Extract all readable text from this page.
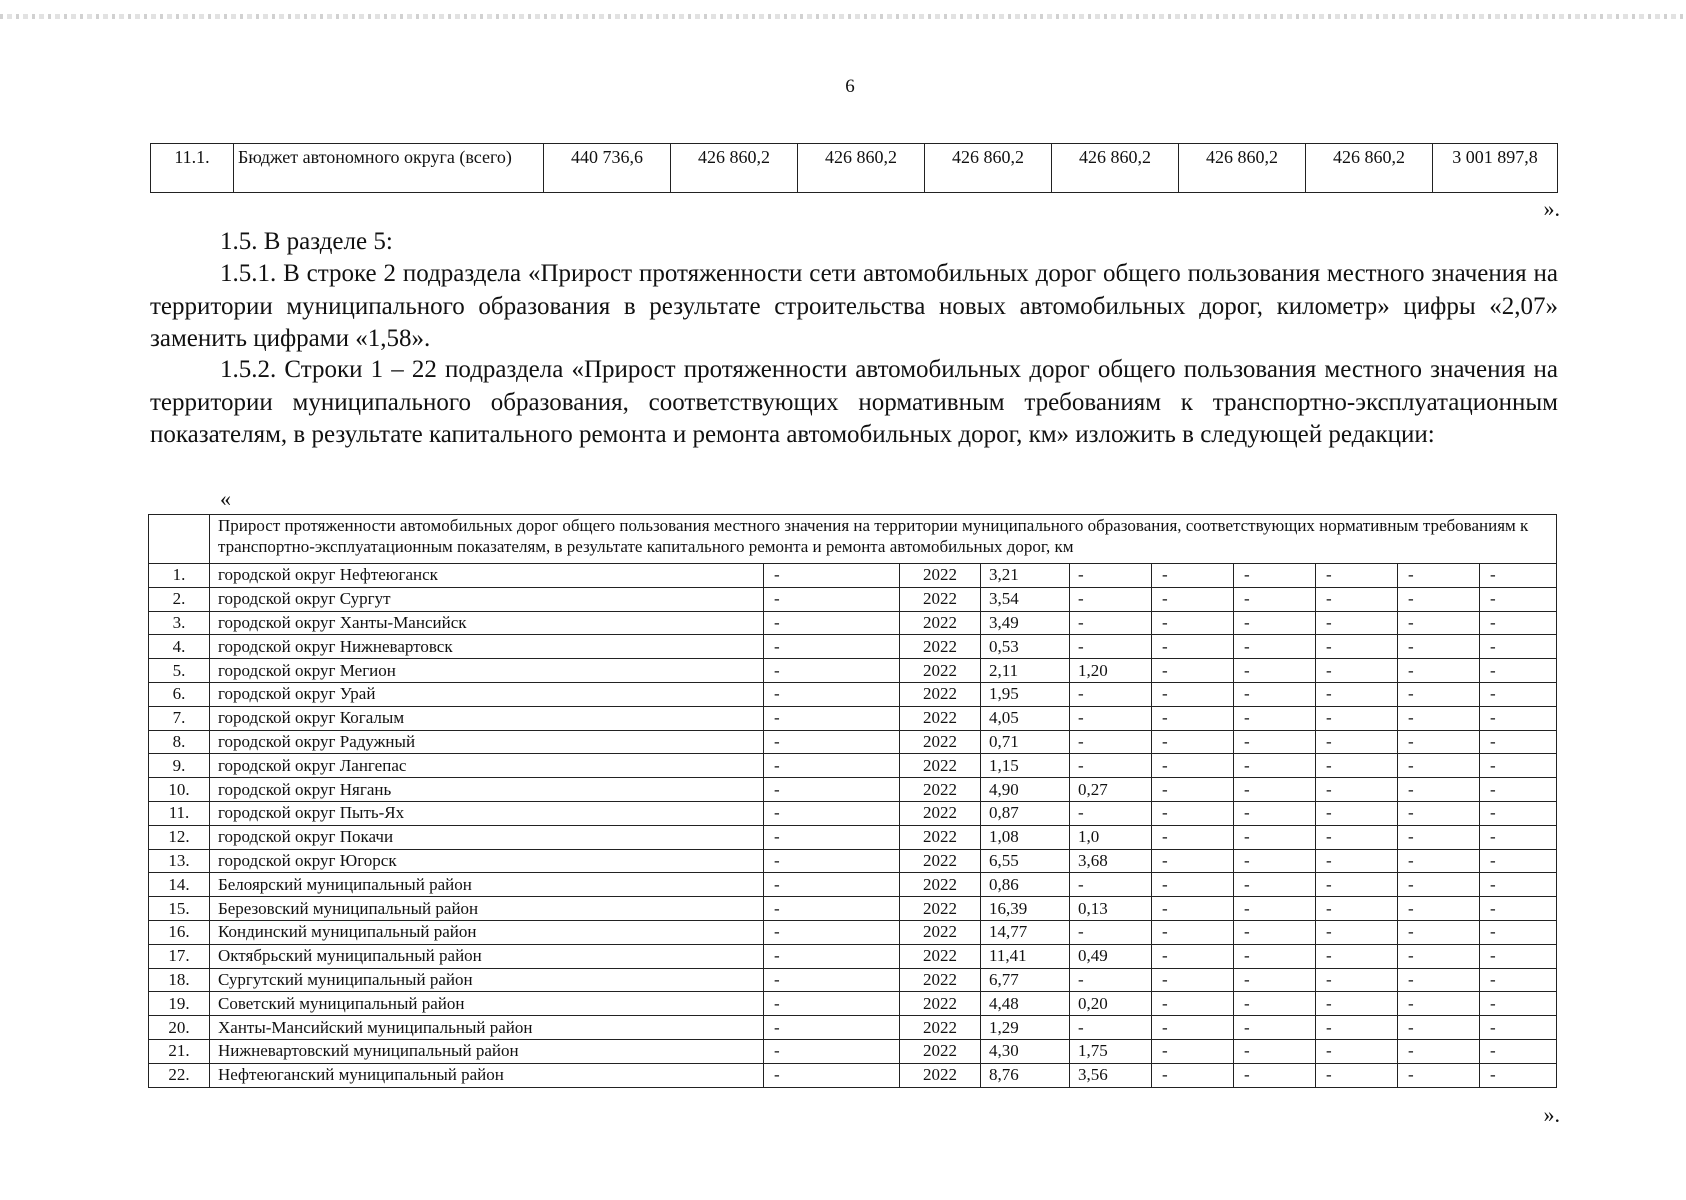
6
11.1.	Бюджет автономного округа (всего)	440 736,6	426 860,2	426 860,2	426 860,2	426 860,2	426 860,2	426 860,2	3 001 897,8
».
1.5. В разделе 5:
1.5.1. В строке 2 подраздела «Прирост протяженности сети автомобильных дорог общего пользования местного значения на территории муниципального образования в результате строительства новых автомобильных дорог, километр» цифры «2,07» заменить цифрами «1,58».
1.5.2. Строки 1 – 22 подраздела «Прирост протяженности автомобильных дорог общего пользования местного значения на территории муниципального образования, соответствующих нормативным требованиям к транспортно-эксплуатационным показателям, в результате капитального ремонта и ремонта автомобильных дорог, км» изложить в следующей редакции:
«
	Прирост протяженности автомобильных дорог общего пользования местного значения на территории муниципального образования, соответствующих нормативным требованиям к транспортно-эксплуатационным показателям, в результате капитального ремонта и ремонта автомобильных дорог, км									
1.	городской округ Нефтеюганск	-	2022	3,21	-	-	-	-	-	-
2.	городской округ Сургут	-	2022	3,54	-	-	-	-	-	-
3.	городской округ Ханты-Мансийск	-	2022	3,49	-	-	-	-	-	-
4.	городской округ Нижневартовск	-	2022	0,53	-	-	-	-	-	-
5.	городской округ Мегион	-	2022	2,11	1,20	-	-	-	-	-
6.	городской округ Урай	-	2022	1,95	-	-	-	-	-	-
7.	городской округ Когалым	-	2022	4,05	-	-	-	-	-	-
8.	городской округ Радужный	-	2022	0,71	-	-	-	-	-	-
9.	городской округ Лангепас	-	2022	1,15	-	-	-	-	-	-
10.	городской округ Нягань	-	2022	4,90	0,27	-	-	-	-	-
11.	городской округ Пыть-Ях	-	2022	0,87	-	-	-	-	-	-
12.	городской округ Покачи	-	2022	1,08	1,0	-	-	-	-	-
13.	городской округ Югорск	-	2022	6,55	3,68	-	-	-	-	-
14.	Белоярский муниципальный район	-	2022	0,86	-	-	-	-	-	-
15.	Березовский муниципальный район	-	2022	16,39	0,13	-	-	-	-	-
16.	Кондинский муниципальный район	-	2022	14,77	-	-	-	-	-	-
17.	Октябрьский муниципальный район	-	2022	11,41	0,49	-	-	-	-	-
18.	Сургутский муниципальный район	-	2022	6,77	-	-	-	-	-	-
19.	Советский муниципальный район	-	2022	4,48	0,20	-	-	-	-	-
20.	Ханты-Мансийский муниципальный район	-	2022	1,29	-	-	-	-	-	-
21.	Нижневартовский муниципальный район	-	2022	4,30	1,75	-	-	-	-	-
22.	Нефтеюганский муниципальный район	-	2022	8,76	3,56	-	-	-	-	-
».
